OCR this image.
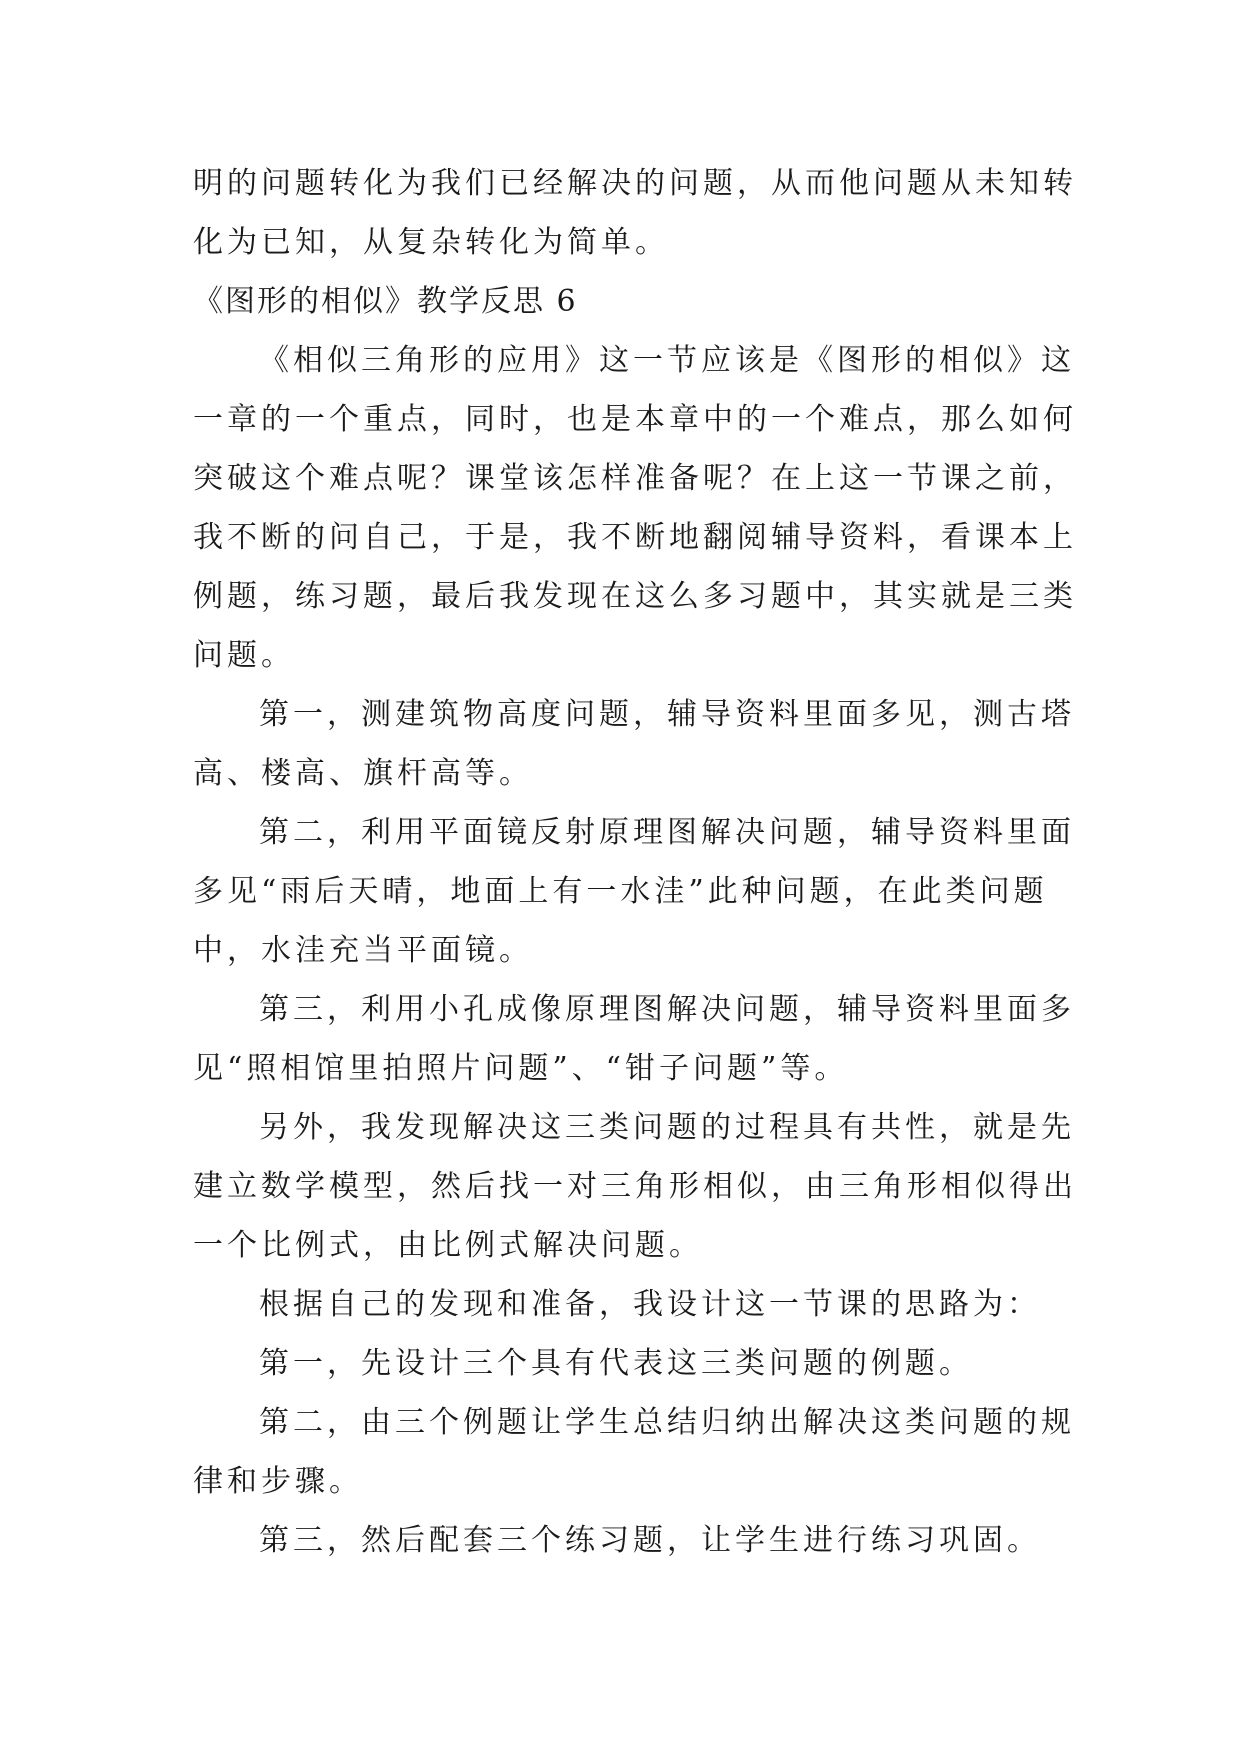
明的问题转化为我们已经解决的问题，从而他问题从未知转
化为已知，从复杂转化为简单。
《图形的相似》教学反思 6
《相似三角形的应用》这一节应该是《图形的相似》这
一章的一个重点，同时，也是本章中的一个难点，那么如何
突破这个难点呢？课堂该怎样准备呢？在上这一节课之前，
我不断的问自己，于是，我不断地翻阅辅导资料，看课本上
例题，练习题，最后我发现在这么多习题中，其实就是三类
问题。
第一，测建筑物高度问题，辅导资料里面多见，测古塔
高、楼高、旗杆高等。
第二，利用平面镜反射原理图解决问题，辅导资料里面
多见“雨后天晴，地面上有一水洼”此种问题，在此类问题
中，水洼充当平面镜。
第三，利用小孔成像原理图解决问题，辅导资料里面多
见“照相馆里拍照片问题”、“钳子问题”等。
另外，我发现解决这三类问题的过程具有共性，就是先
建立数学模型，然后找一对三角形相似，由三角形相似得出
一个比例式，由比例式解决问题。
根据自己的发现和准备，我设计这一节课的思路为：
第一，先设计三个具有代表这三类问题的例题。
第二，由三个例题让学生总结归纳出解决这类问题的规
律和步骤。
第三，然后配套三个练习题，让学生进行练习巩固。
